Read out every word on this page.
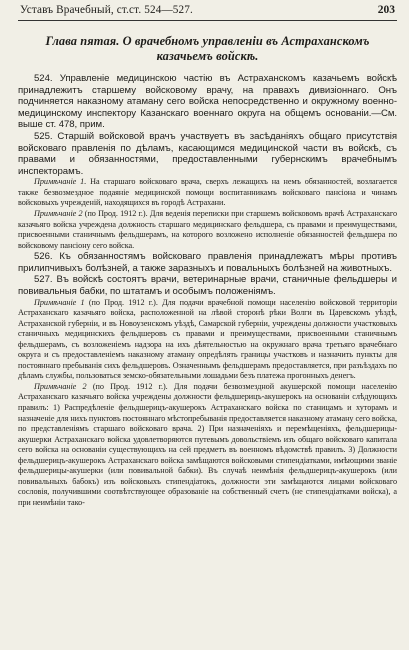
Уставъ Врачебный, ст.ст. 524—527.	203
Глава пятая. О врачебномъ управленіи въ Астраханскомъ казачьемъ войскѣ.

524. Управленіе медицинскою частію въ Астраханскомъ казачьемъ войскѣ принадлежитъ старшему войсковому врачу, на правахъ дивизіоннаго. Онъ подчиняется наказному атаману сего войска непосредственно и окружному военно-медицинскому инспектору Казанскаго военнаго округа на общемъ основаніи.—См. выше ст. 478, прим.

525. Старшій войсковой врачъ участвуетъ въ засѣданіяхъ общаго присутствія войсковаго правленія по дѣламъ, касающимся медицинской части въ войскѣ, съ правами и обязанностями, предоставленными губернскимъ врачебнымъ инспекторамъ.

Примѣчаніе 1. На старшаго войсковаго врача, сверхъ лежащихъ на немъ обязанностей, возлагается также безвозмездное подаяніе медицинской помощи воспитанникамъ войсковаго пансіона и чинамъ войсковыхъ учрежденій, находящихся въ городѣ Астрахани.

Примѣчаніе 2 (по Прод. 1912 г.). Для веденія переписки при старшемъ войсковомъ врачѣ Астраханскаго казачьяго войска учреждена должность старшаго медицинскаго фельдшера, съ правами и преимуществами, присвоенными станичнымъ фельдшерамъ, на которого возложено исполненіе обязанностей фельдшера по войсковому пансіону сего войска.

526. Къ обязанностямъ войсковаго правленія принадлежатъ мѣры противъ прилипчивыхъ болѣзней, а также заразныхъ и повальныхъ болѣзней на животныхъ.

527. Въ войскѣ состоятъ врачи, ветеринарные врачи, станичные фельдшеры и повивальныя бабки, по штатамъ и особымъ положеніямъ.

Примѣчаніе 1 (по Прод. 1912 г.). Для подачи врачебной помощи населенію войсковой территоріи Астраханскаго казачьяго войска, расположенной на лѣвой сторонѣ рѣки Волги въ Царевскомъ уѣздѣ, Астраханской губерніи, и въ Новоузенскомъ уѣздѣ, Самарской губерніи, учреждены должности участковыхъ станичныхъ медицинскихъ фельдшеровъ съ правами и преимуществами, присвоенными станичнымъ фельдшерамъ, съ возложеніемъ надзора на ихъ дѣятельностью на окружнаго врача третьяго врачебнаго округа и съ предоставленіемъ наказному атаману опредѣлять границы участковъ и назначить пункты для постояннаго пребыванія сихъ фельдшеровъ. Означеннымъ фельдшерамъ предоставляется, при разъѣздахъ по дѣламъ службы, пользоваться земско-обязательными лошадьми безъ платежа прогонныхъ денегъ.

Примѣчаніе 2 (по Прод. 1912 г.). Для подачи безвозмездной акушерской помощи населенію Астраханскаго казачьяго войска учреждены должности фельдшерицъ-акушерокъ на основаніи слѣдующихъ правилъ: 1) Распредѣленіе фельдшерицъ-акушерокъ Астраханскаго войска по станицамъ и хуторамъ и назначеніе для нихъ пунктовъ постояннаго мѣстопребыванія предоставляется наказному атаману сего войска, по представленіямъ старшаго войсковаго врача. 2) При назначеніяхъ и перемѣщеніяхъ, фельдшерицы-акушерки Астраханскаго войска удовлетворяются путевымъ довольствіемъ изъ общаго войсковаго капитала сего войска на основаніи существующихъ на сей предметъ въ военномъ вѣдомствѣ правилъ. 3) Должности фельдшерицъ-акушерокъ Астраханскаго войска замѣщаются войсковыми стипендіатками, имѣющими званіе фельдшерицы-акушерки (или повивальной бабки). Въ случаѣ неимѣнія фельдшерицъ-акушерокъ (или повивальныхъ бабокъ) изъ войсковыхъ стипендіатокъ, должности эти замѣщаются лицами войсковаго сословія, получившими соотвѣтствующее образованіе на собственный счетъ (не стипендіатками войска), а при неимѣніи тако-
